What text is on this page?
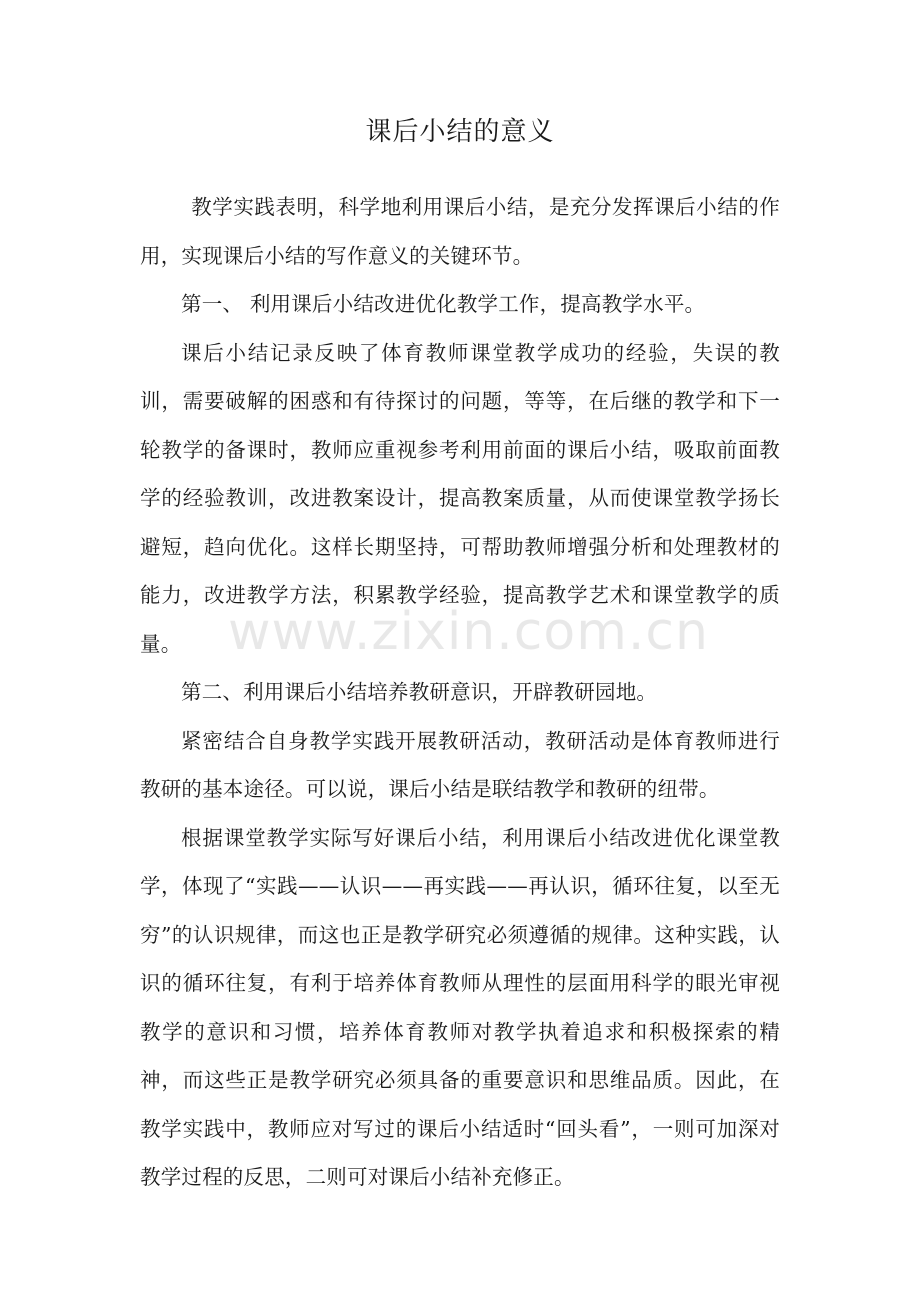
课后小结的意义

教学实践表明，科学地利用课后小结，是充分发挥课后小结的作用，实现课后小结的写作意义的关键环节。

第一、 利用课后小结改进优化教学工作，提高教学水平。

课后小结记录反映了体育教师课堂教学成功的经验，失误的教训，需要破解的困惑和有待探讨的问题，等等，在后继的教学和下一轮教学的备课时，教师应重视参考利用前面的课后小结，吸取前面教学的经验教训，改进教案设计，提高教案质量，从而使课堂教学扬长避短，趋向优化。这样长期坚持，可帮助教师增强分析和处理教材的能力，改进教学方法，积累教学经验，提高教学艺术和课堂教学的质量。

第二、利用课后小结培养教研意识，开辟教研园地。

紧密结合自身教学实践开展教研活动，教研活动是体育教师进行教研的基本途径。可以说，课后小结是联结教学和教研的纽带。

根据课堂教学实际写好课后小结，利用课后小结改进优化课堂教学，体现了“实践——认识——再实践——再认识，循环往复，以至无穷”的认识规律，而这也正是教学研究必须遵循的规律。这种实践，认识的循环往复，有利于培养体育教师从理性的层面用科学的眼光审视教学的意识和习惯，培养体育教师对教学执着追求和积极探索的精神，而这些正是教学研究必须具备的重要意识和思维品质。因此，在教学实践中，教师应对写过的课后小结适时“回头看”，一则可加深对教学过程的反思，二则可对课后小结补充修正。

www.zixin.com.cn
